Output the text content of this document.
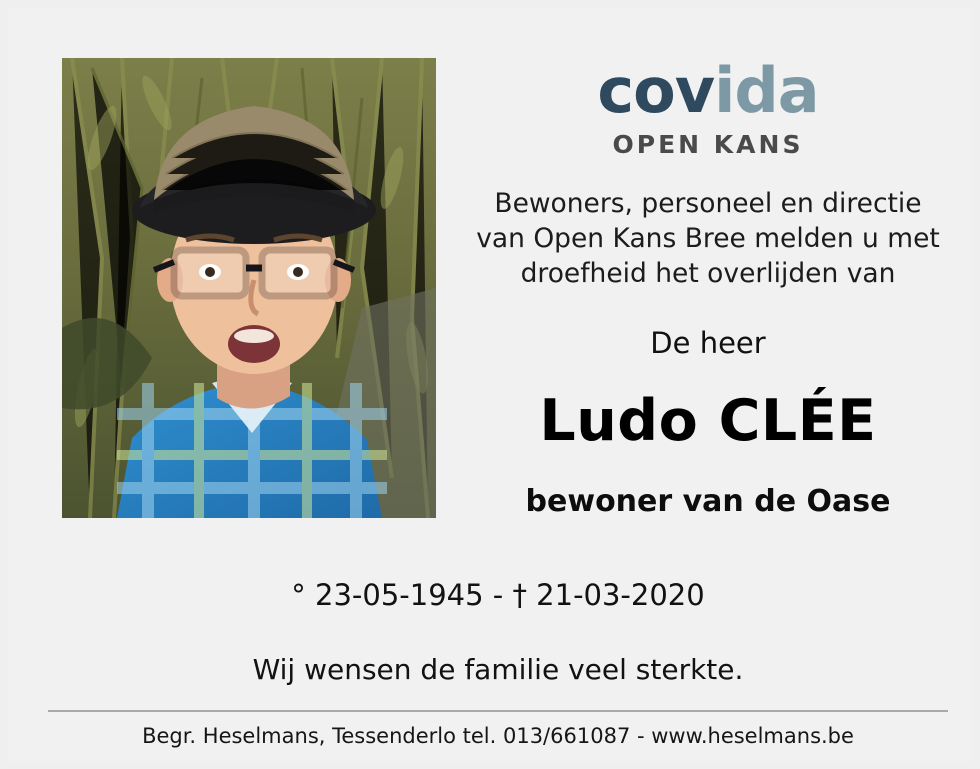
covida
OPEN KANS
Bewoners, personeel en directie
van Open Kans Bree melden u met
droefheid het overlijden van
De heer
Ludo CLÉE
bewoner van de Oase
° 23-05-1945 - † 21-03-2020
Wij wensen de familie veel sterkte.
Begr. Heselmans, Tessenderlo tel. 013/661087 - www.heselmans.be
